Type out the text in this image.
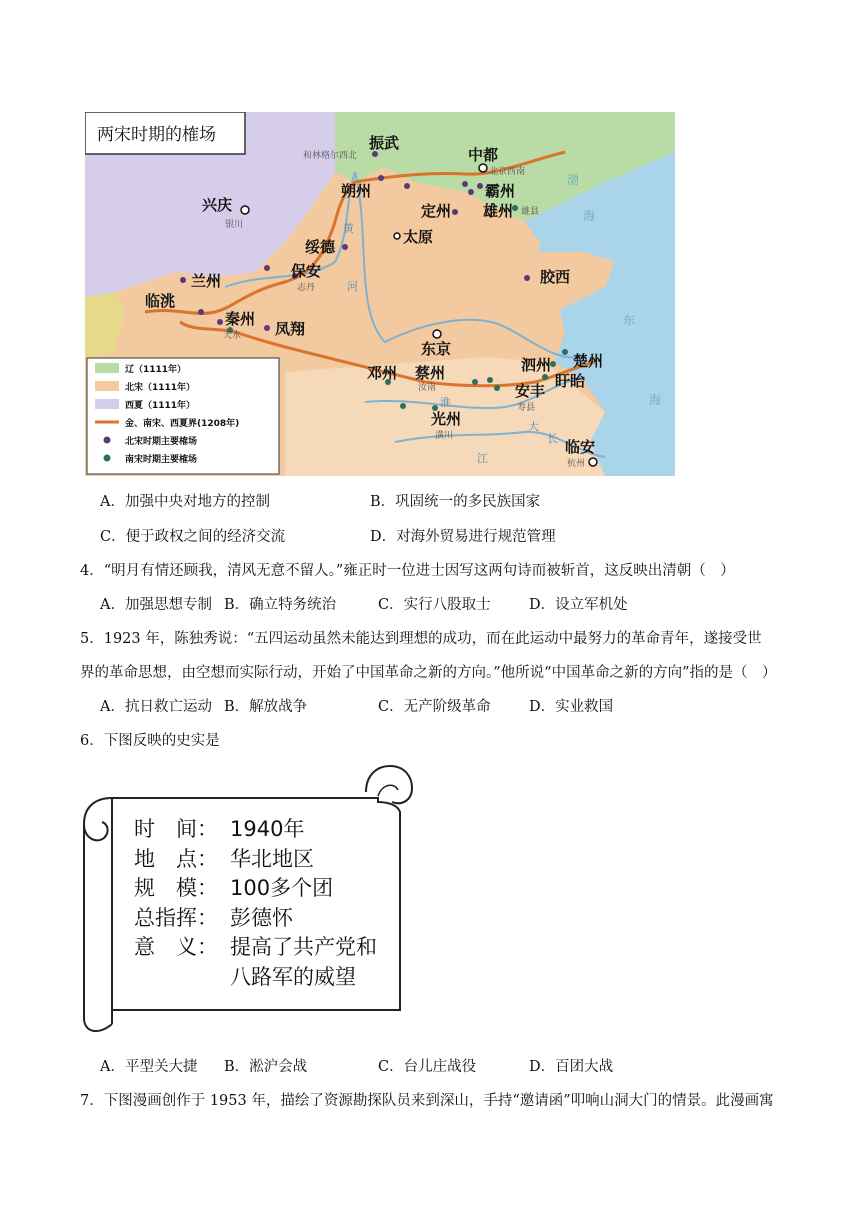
两宋时期的榷场
渤
海
东
海
黄
河
淮
大
长
江
振武
和林格尔西北	中都
北京西南
朔州	霸州
兴庆
银川
定州 雄州 雄县
绥德
太原
保安
志丹
兰州
临洮
秦州
天水 凤翔
胶西
东京
泗州 楚州
盱眙
邓州 蔡州
汝南	安丰
寿县
光州
潢川
临安
杭州
辽（1111年）
北宋（1111年）
西夏（1111年）
金、南宋、西夏界(1208年)
北宋时期主要榷场
南宋时期主要榷场
A．加强中央对地方的控制	B．巩固统一的多民族国家
C．便于政权之间的经济交流	D．对海外贸易进行规范管理
4．“明月有情还顾我，清风无意不留人。”雍正时一位进士因写这两句诗而被斩首，这反映出清朝（　）
A．加强思想专制 B．确立特务统治	C．实行八股取士	D．设立军机处
5．1923 年，陈独秀说：“五四运动虽然未能达到理想的成功，而在此运动中最努力的革命青年，遂接受世
界的革命思想，由空想而实际行动，开始了中国革命之新的方向。”他所说“中国革命之新的方向”指的是（　）
A．抗日救亡运动 B．解放战争	C．无产阶级革命	D．实业救国
6．下图反映的史实是
时　间： 1940年
地　点： 华北地区
规　模： 100多个团
总指挥： 彭德怀
意　义： 提高了共产党和
八路军的威望
A．平型关大捷 B．淞沪会战	C．台儿庄战役	D．百团大战
7．下图漫画创作于 1953 年，描绘了资源勘探队员来到深山，手持“邀请函”叩响山洞大门的情景。此漫画寓
